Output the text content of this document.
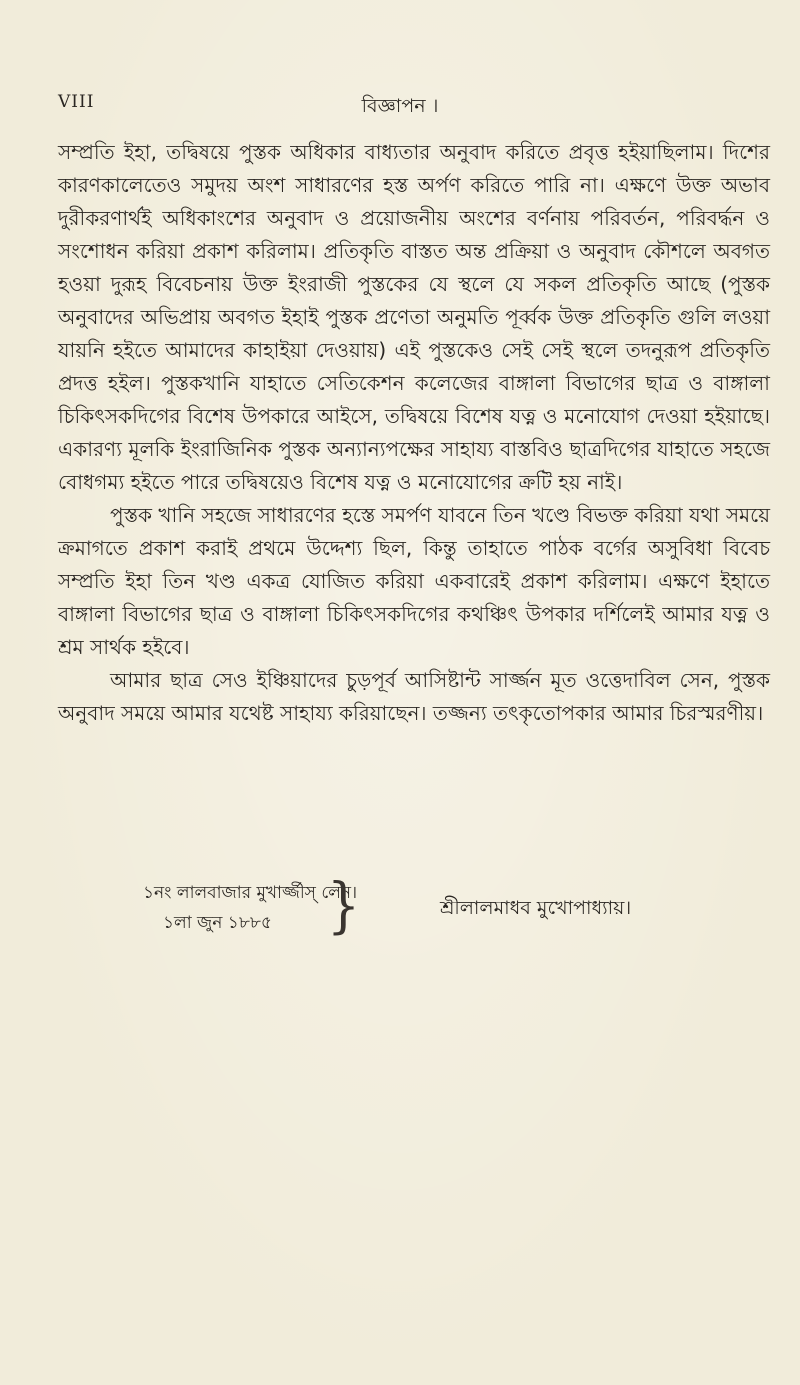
VIII	বিজ্ঞাপন ।

সম্প্রতি ইহা, তদ্বিষয়ে পুস্তক অধিকার বাধ্যতার অনুবাদ করিতে প্রবৃত্ত হইয়াছিলাম। দিশের কারণকালেতেও সমুদয় অংশ সাধারণের হস্ত অর্পণ করিতে পারি না। এক্ষণে উক্ত অভাব দুরীকরণার্থই অধিকাংশের অনুবাদ ও প্রয়োজনীয় অংশের বর্ণনায় পরিবর্তন, পরিবর্দ্ধন ও সংশোধন করিয়া প্রকাশ করিলাম। প্রতিকৃতি বাস্তত অন্ত প্রক্রিয়া ও অনুবাদ কৌশলে অবগত হওয়া দুরূহ বিবেচনায় উক্ত ইংরাজী পুস্তকের যে স্থলে যে সকল প্রতিকৃতি আছে (পুস্তক অনুবাদের অভিপ্রায় অবগত ইহাই পুস্তক প্রণেতা অনুমতি পূর্ব্বক উক্ত প্রতিকৃতি গুলি লওয়া যায়নি হইতে আমাদের কাহাইয়া দেওয়ায়) এই পুস্তকেও সেই সেই স্থলে তদনুরূপ প্রতিকৃতি প্রদত্ত হইল। পুস্তকখানি যাহাতে সেতিকেশন কলেজের বাঙ্গালা বিভাগের ছাত্র ও বাঙ্গালা চিকিৎসকদিগের বিশেষ উপকারে আইসে, তদ্বিষয়ে বিশেষ যত্ন ও মনোযোগ দেওয়া হইয়াছে। একারণ্য মূলকি ইংরাজিনিক পুস্তক অন্যান্যপক্ষের সাহায্য বাস্তবিও ছাত্রদিগের যাহাতে সহজে বোধগম্য হইতে পারে তদ্বিষয়েও বিশেষ যত্ন ও মনোযোগের ক্রটি হয় নাই।

পুস্তক খানি সহজে সাধারণের হস্তে সমর্পণ যাবনে তিন খণ্ডে বিভক্ত করিয়া যথা সময়ে ক্রমাগতে প্রকাশ করাই প্রথমে উদ্দেশ্য ছিল, কিন্তু তাহাতে পাঠক বর্গের অসুবিধা বিবেচ সম্প্রতি ইহা তিন খণ্ড একত্র যোজিত করিয়া একবারেই প্রকাশ করিলাম। এক্ষণে ইহাতে বাঙ্গালা বিভাগের ছাত্র ও বাঙ্গালা চিকিৎসকদিগের কথঞ্চিৎ উপকার দর্শিলেই আমার যত্ন ও শ্রম সার্থক হইবে।

আমার ছাত্র সেও ইঞ্চিয়াদের চুড়পূর্ব আসিষ্টান্ট সার্জ্জন মূত ওত্তেদাবিল সেন, পুস্তক অনুবাদ সময়ে আমার যথেষ্ট সাহায্য করিয়াছেন। তজ্জন্য তৎকৃতোপকার আমার চিরস্মরণীয়।

১নং লালবাজার মুখার্জ্জীস্ লেন।
১লা জুন ১৮৮৫	}	শ্রীলালমাধব মুখোপাধ্যায়।
